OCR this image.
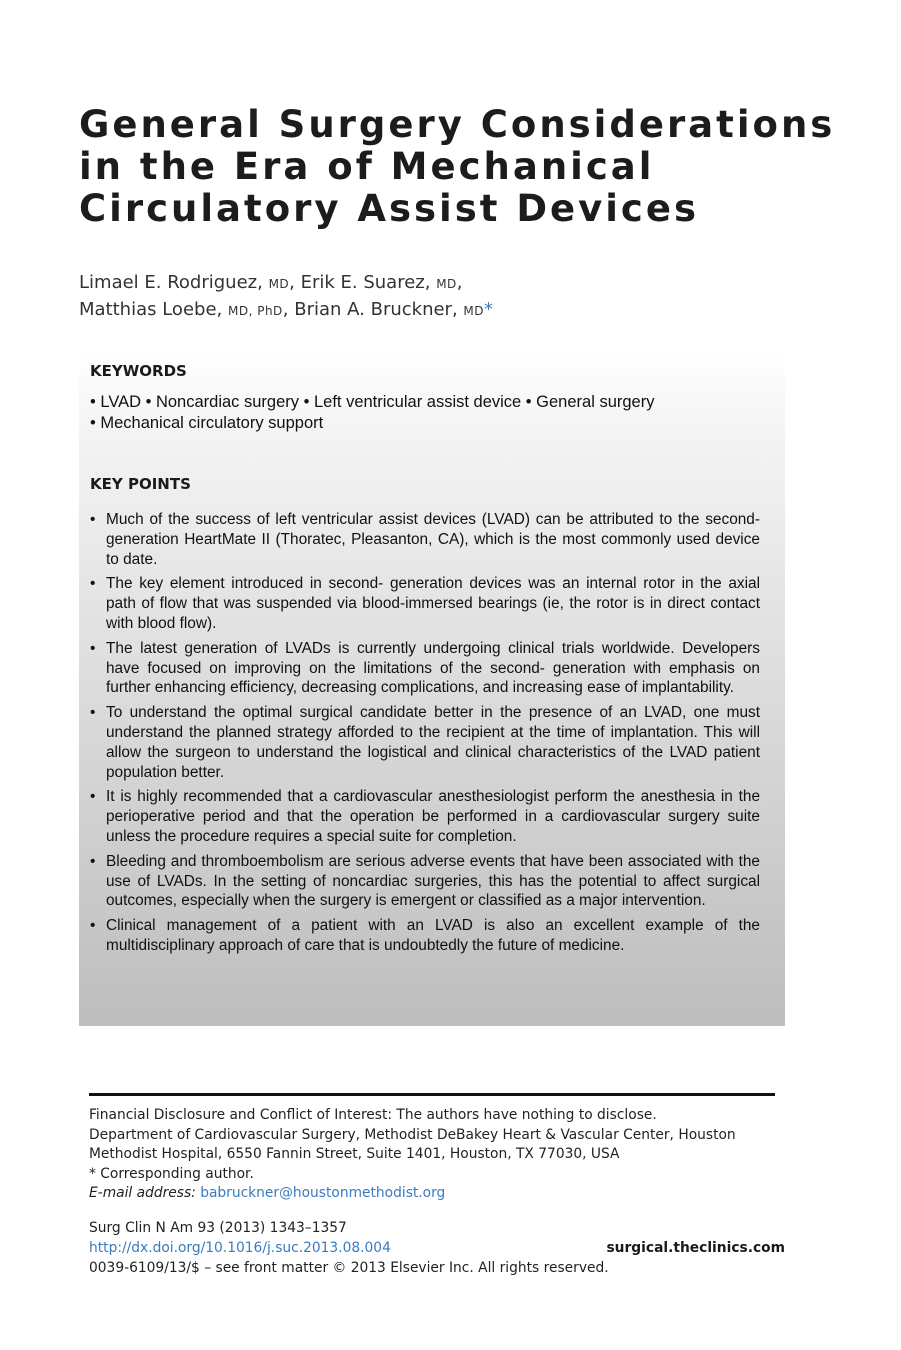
General Surgery Considerations
in the Era of Mechanical
Circulatory Assist Devices
Limael E. Rodriguez, MD, Erik E. Suarez, MD,
Matthias Loebe, MD, PhD, Brian A. Bruckner, MD*
KEYWORDS
• LVAD • Noncardiac surgery • Left ventricular assist device • General surgery
• Mechanical circulatory support
KEY POINTS
• Much of the success of left ventricular assist devices (LVAD) can be attributed to the second-generation HeartMate II (Thoratec, Pleasanton, CA), which is the most commonly used device to date.
• The key element introduced in second- generation devices was an internal rotor in the axial path of flow that was suspended via blood-immersed bearings (ie, the rotor is in direct contact with blood flow).
• The latest generation of LVADs is currently undergoing clinical trials worldwide. Developers have focused on improving on the limitations of the second- generation with emphasis on further enhancing efficiency, decreasing complications, and increasing ease of implantability.
• To understand the optimal surgical candidate better in the presence of an LVAD, one must understand the planned strategy afforded to the recipient at the time of implantation. This will allow the surgeon to understand the logistical and clinical characteristics of the LVAD patient population better.
• It is highly recommended that a cardiovascular anesthesiologist perform the anesthesia in the perioperative period and that the operation be performed in a cardiovascular surgery suite unless the procedure requires a special suite for completion.
• Bleeding and thromboembolism are serious adverse events that have been associated with the use of LVADs. In the setting of noncardiac surgeries, this has the potential to affect surgical outcomes, especially when the surgery is emergent or classified as a major intervention.
• Clinical management of a patient with an LVAD is also an excellent example of the multidisciplinary approach of care that is undoubtedly the future of medicine.

Financial Disclosure and Conflict of Interest: The authors have nothing to disclose.

Department of Cardiovascular Surgery, Methodist DeBakey Heart & Vascular Center, Houston Methodist Hospital, 6550 Fannin Street, Suite 1401, Houston, TX 77030, USA

* Corresponding author.

E-mail address: babruckner@houstonmethodist.org

Surg Clin N Am 93 (2013) 1343–1357

http://dx.doi.org/10.1016/j.suc.2013.08.004	surgical.theclinics.com

0039-6109/13/$ – see front matter © 2013 Elsevier Inc. All rights reserved.
